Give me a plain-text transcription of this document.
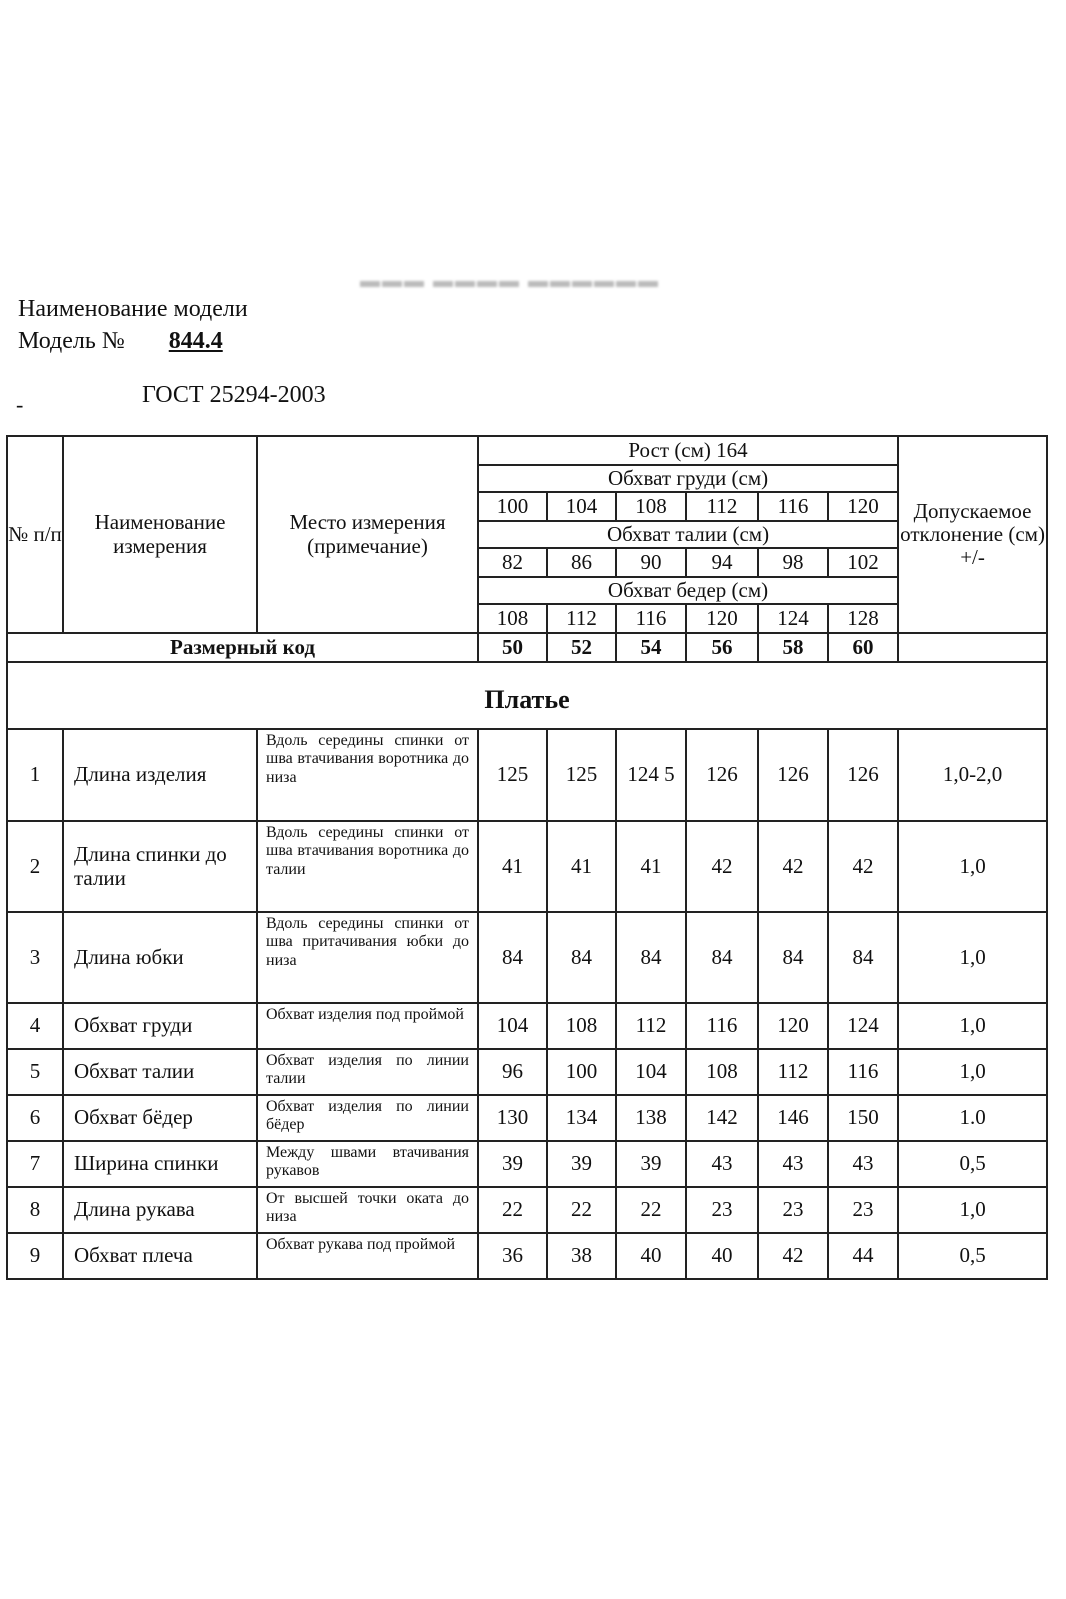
▬▬▬ ▬▬▬▬ ▬▬▬▬▬▬
Наименование модели
Модель № 844.4
-	ГОСТ 25294-2003
№ п/п	Наименование измерения	Место измерения (примечание)	Рост (см) 164						Допускаемое отклонение (см) +/-
			Обхват груди (см)						
			100	104	108	112	116	120	
			Обхват талии (см)						
			82	86	90	94	98	102	
			Обхват бедер (см)						
			108	112	116	120	124	128	
Размерный код			50	52	54	56	58	60	
Платье									
1	Длина изделия	Вдоль середины спинки от шва втачивания воротника до низа	125	125	124 5	126	126	126	1,0-2,0
2	Длина спинки до талии	Вдоль середины спинки от шва втачивания воротника до талии	41	41	41	42	42	42	1,0
3	Длина юбки	Вдоль середины спинки от шва притачивания юбки до низа	84	84	84	84	84	84	1,0
4	Обхват груди	Обхват изделия под проймой	104	108	112	116	120	124	1,0
5	Обхват талии	Обхват изделия по линии талии	96	100	104	108	112	116	1,0
6	Обхват бёдер	Обхват изделия по линии бёдер	130	134	138	142	146	150	1.0
7	Ширина спинки	Между швами втачивания рукавов	39	39	39	43	43	43	0,5
8	Длина рукава	От высшей точки оката до низа	22	22	22	23	23	23	1,0
9	Обхват плеча	Обхват рукава под проймой	36	38	40	40	42	44	0,5
